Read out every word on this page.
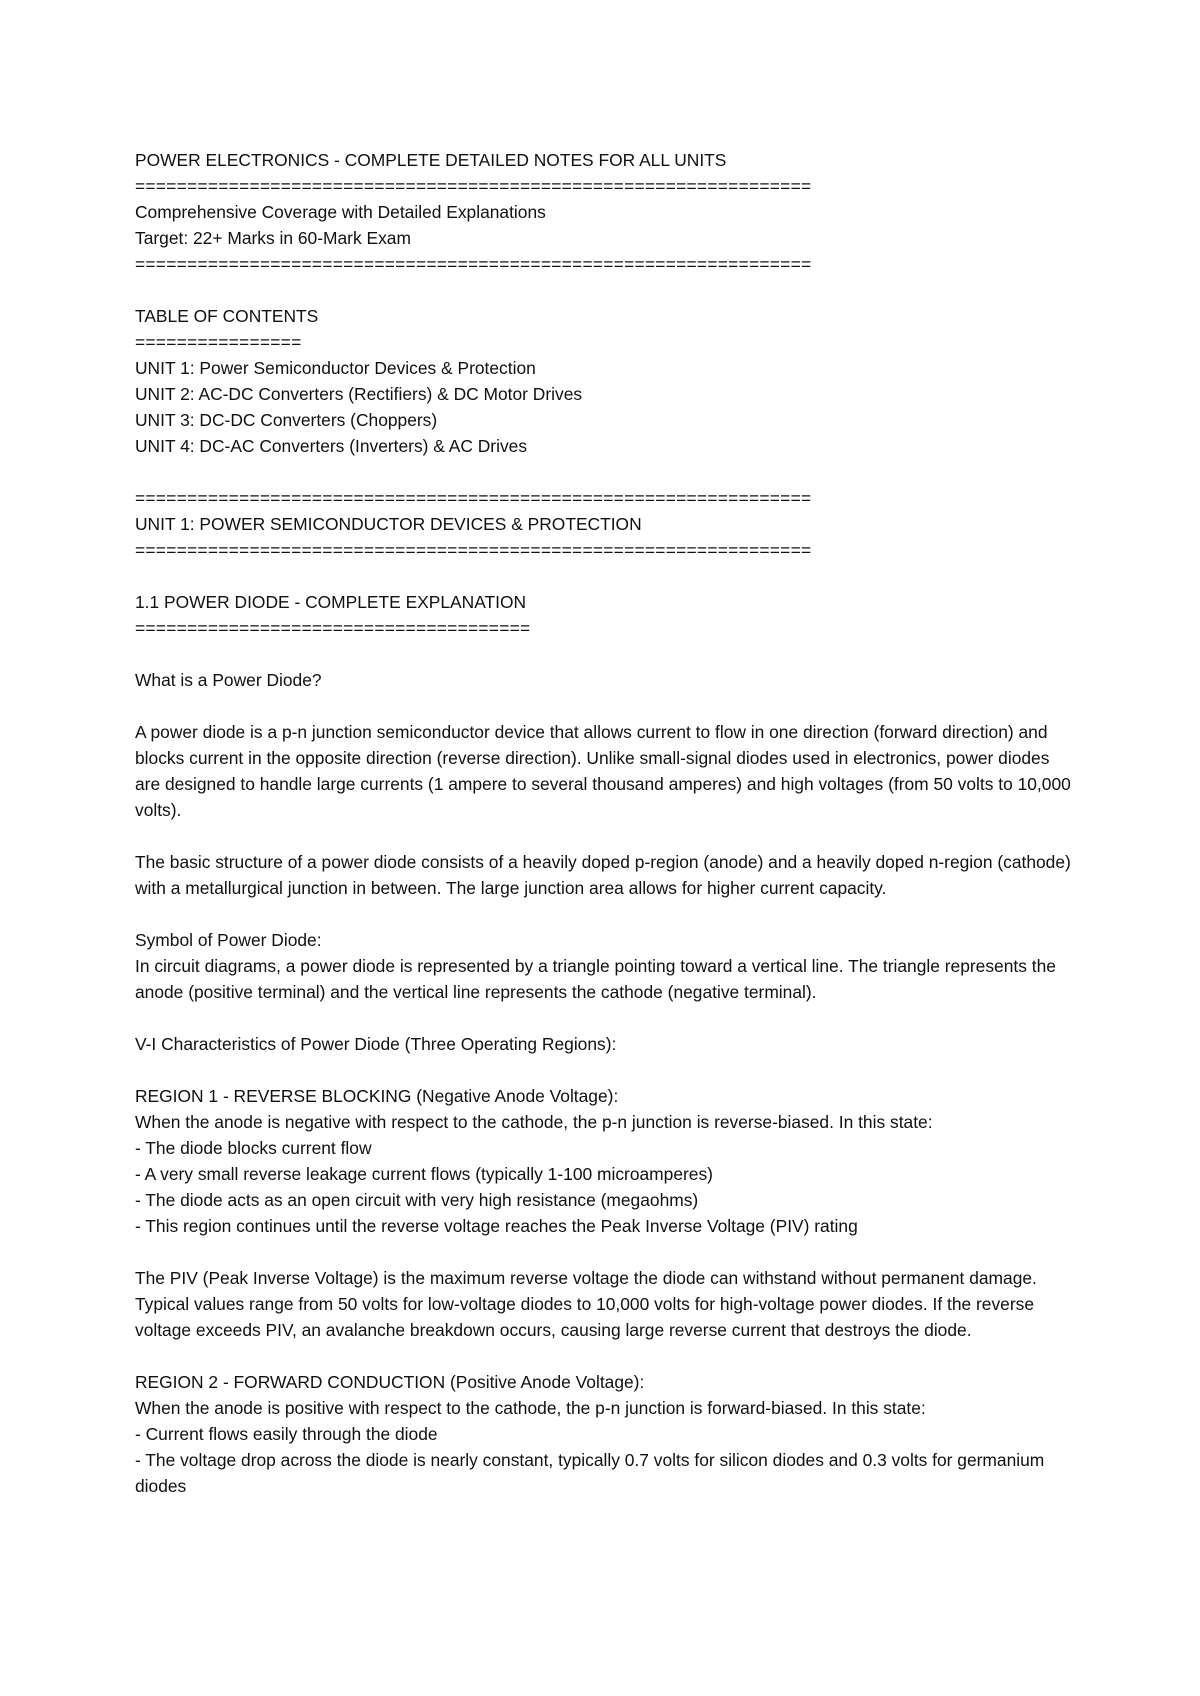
POWER ELECTRONICS - COMPLETE DETAILED NOTES FOR ALL UNITS
=================================================================
Comprehensive Coverage with Detailed Explanations
Target: 22+ Marks in 60-Mark Exam
=================================================================
TABLE OF CONTENTS
================
UNIT 1: Power Semiconductor Devices & Protection
UNIT 2: AC-DC Converters (Rectifiers) & DC Motor Drives
UNIT 3: DC-DC Converters (Choppers)
UNIT 4: DC-AC Converters (Inverters) & AC Drives
=================================================================
UNIT 1: POWER SEMICONDUCTOR DEVICES & PROTECTION
=================================================================
1.1 POWER DIODE - COMPLETE EXPLANATION
======================================
What is a Power Diode?
A power diode is a p-n junction semiconductor device that allows current to flow in one direction (forward direction) and blocks current in the opposite direction (reverse direction). Unlike small-signal diodes used in electronics, power diodes are designed to handle large currents (1 ampere to several thousand amperes) and high voltages (from 50 volts to 10,000 volts).
The basic structure of a power diode consists of a heavily doped p-region (anode) and a heavily doped n-region (cathode) with a metallurgical junction in between. The large junction area allows for higher current capacity.
Symbol of Power Diode:
In circuit diagrams, a power diode is represented by a triangle pointing toward a vertical line. The triangle represents the anode (positive terminal) and the vertical line represents the cathode (negative terminal).
V-I Characteristics of Power Diode (Three Operating Regions):
REGION 1 - REVERSE BLOCKING (Negative Anode Voltage):
When the anode is negative with respect to the cathode, the p-n junction is reverse-biased. In this state:
- The diode blocks current flow
- A very small reverse leakage current flows (typically 1-100 microamperes)
- The diode acts as an open circuit with very high resistance (megaohms)
- This region continues until the reverse voltage reaches the Peak Inverse Voltage (PIV) rating
The PIV (Peak Inverse Voltage) is the maximum reverse voltage the diode can withstand without permanent damage. Typical values range from 50 volts for low-voltage diodes to 10,000 volts for high-voltage power diodes. If the reverse voltage exceeds PIV, an avalanche breakdown occurs, causing large reverse current that destroys the diode.
REGION 2 - FORWARD CONDUCTION (Positive Anode Voltage):
When the anode is positive with respect to the cathode, the p-n junction is forward-biased. In this state:
- Current flows easily through the diode
- The voltage drop across the diode is nearly constant, typically 0.7 volts for silicon diodes and 0.3 volts for germanium diodes
